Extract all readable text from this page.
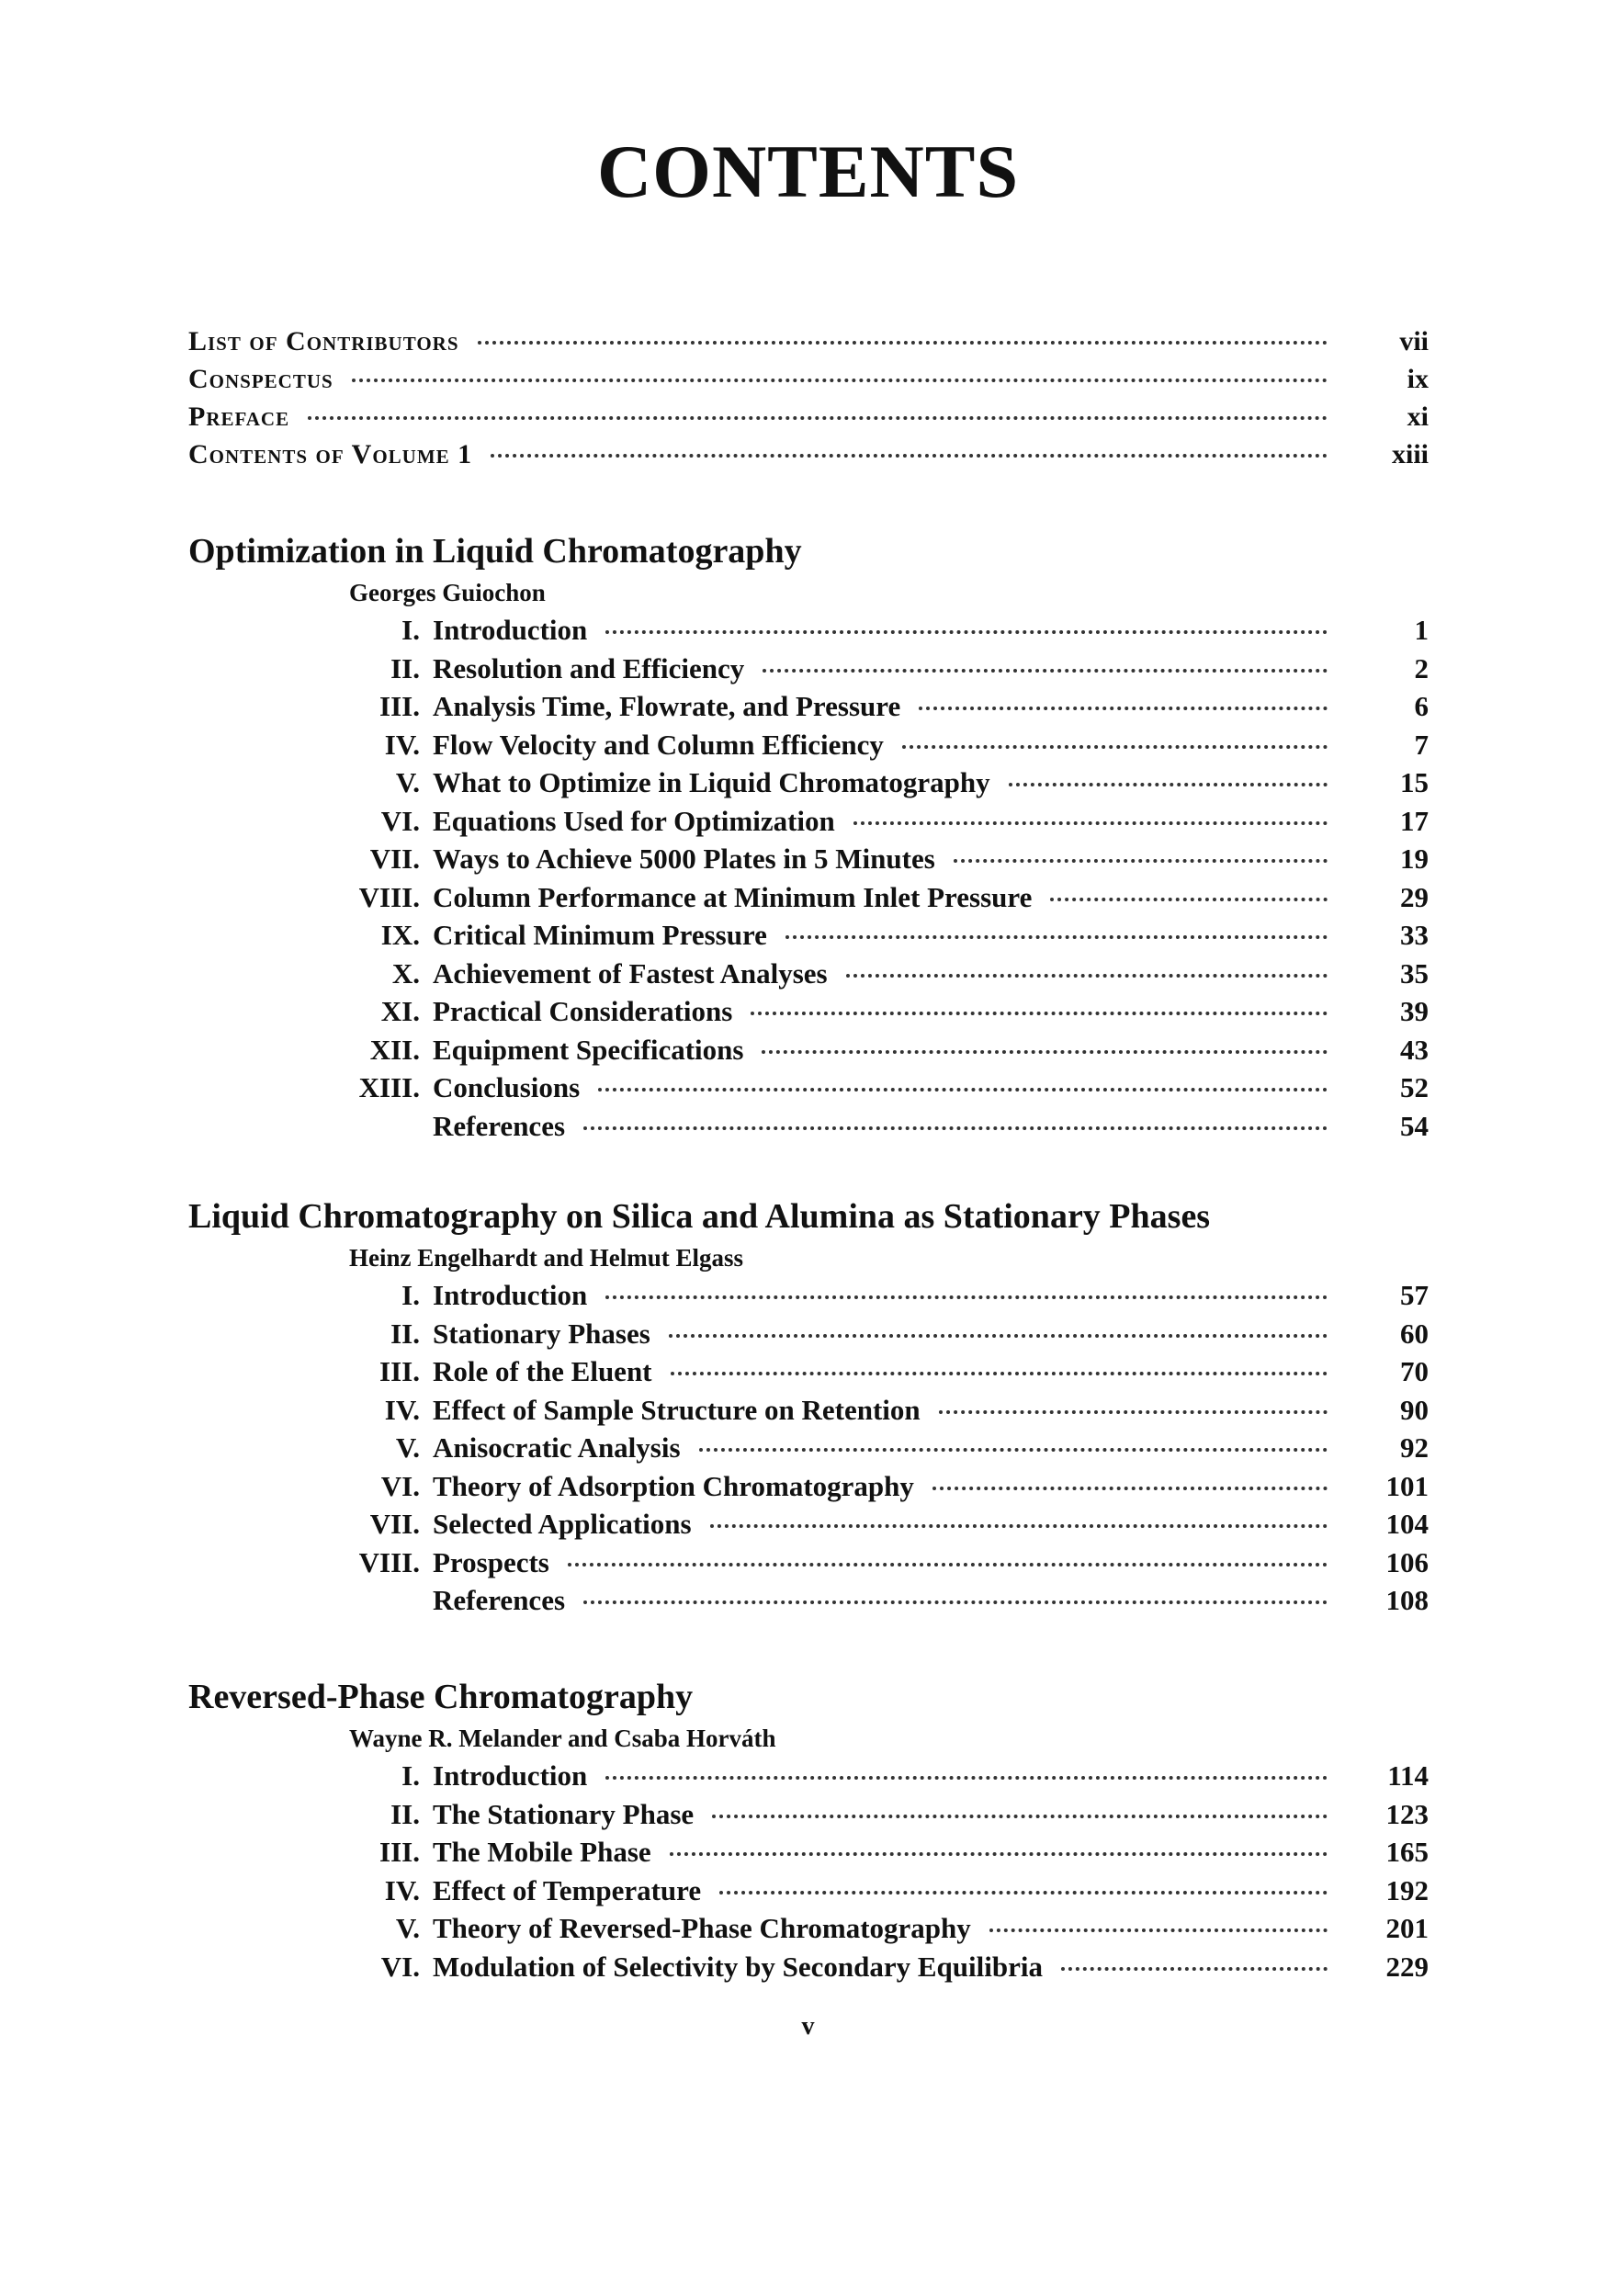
CONTENTS
List of Contributors	vii
Conspectus	ix
Preface	xi
Contents of Volume 1	xiii
Optimization in Liquid Chromatography
Georges Guiochon
I. Introduction	1
II. Resolution and Efficiency	2
III. Analysis Time, Flowrate, and Pressure	6
IV. Flow Velocity and Column Efficiency	7
V. What to Optimize in Liquid Chromatography	15
VI. Equations Used for Optimization	17
VII. Ways to Achieve 5000 Plates in 5 Minutes	19
VIII. Column Performance at Minimum Inlet Pressure	29
IX. Critical Minimum Pressure	33
X. Achievement of Fastest Analyses	35
XI. Practical Considerations	39
XII. Equipment Specifications	43
XIII. Conclusions	52
References	54
Liquid Chromatography on Silica and Alumina as Stationary Phases
Heinz Engelhardt and Helmut Elgass
I. Introduction	57
II. Stationary Phases	60
III. Role of the Eluent	70
IV. Effect of Sample Structure on Retention	90
V. Anisocratic Analysis	92
VI. Theory of Adsorption Chromatography	101
VII. Selected Applications	104
VIII. Prospects	106
References	108
Reversed-Phase Chromatography
Wayne R. Melander and Csaba Horváth
I. Introduction	114
II. The Stationary Phase	123
III. The Mobile Phase	165
IV. Effect of Temperature	192
V. Theory of Reversed-Phase Chromatography	201
VI. Modulation of Selectivity by Secondary Equilibria	229
v
